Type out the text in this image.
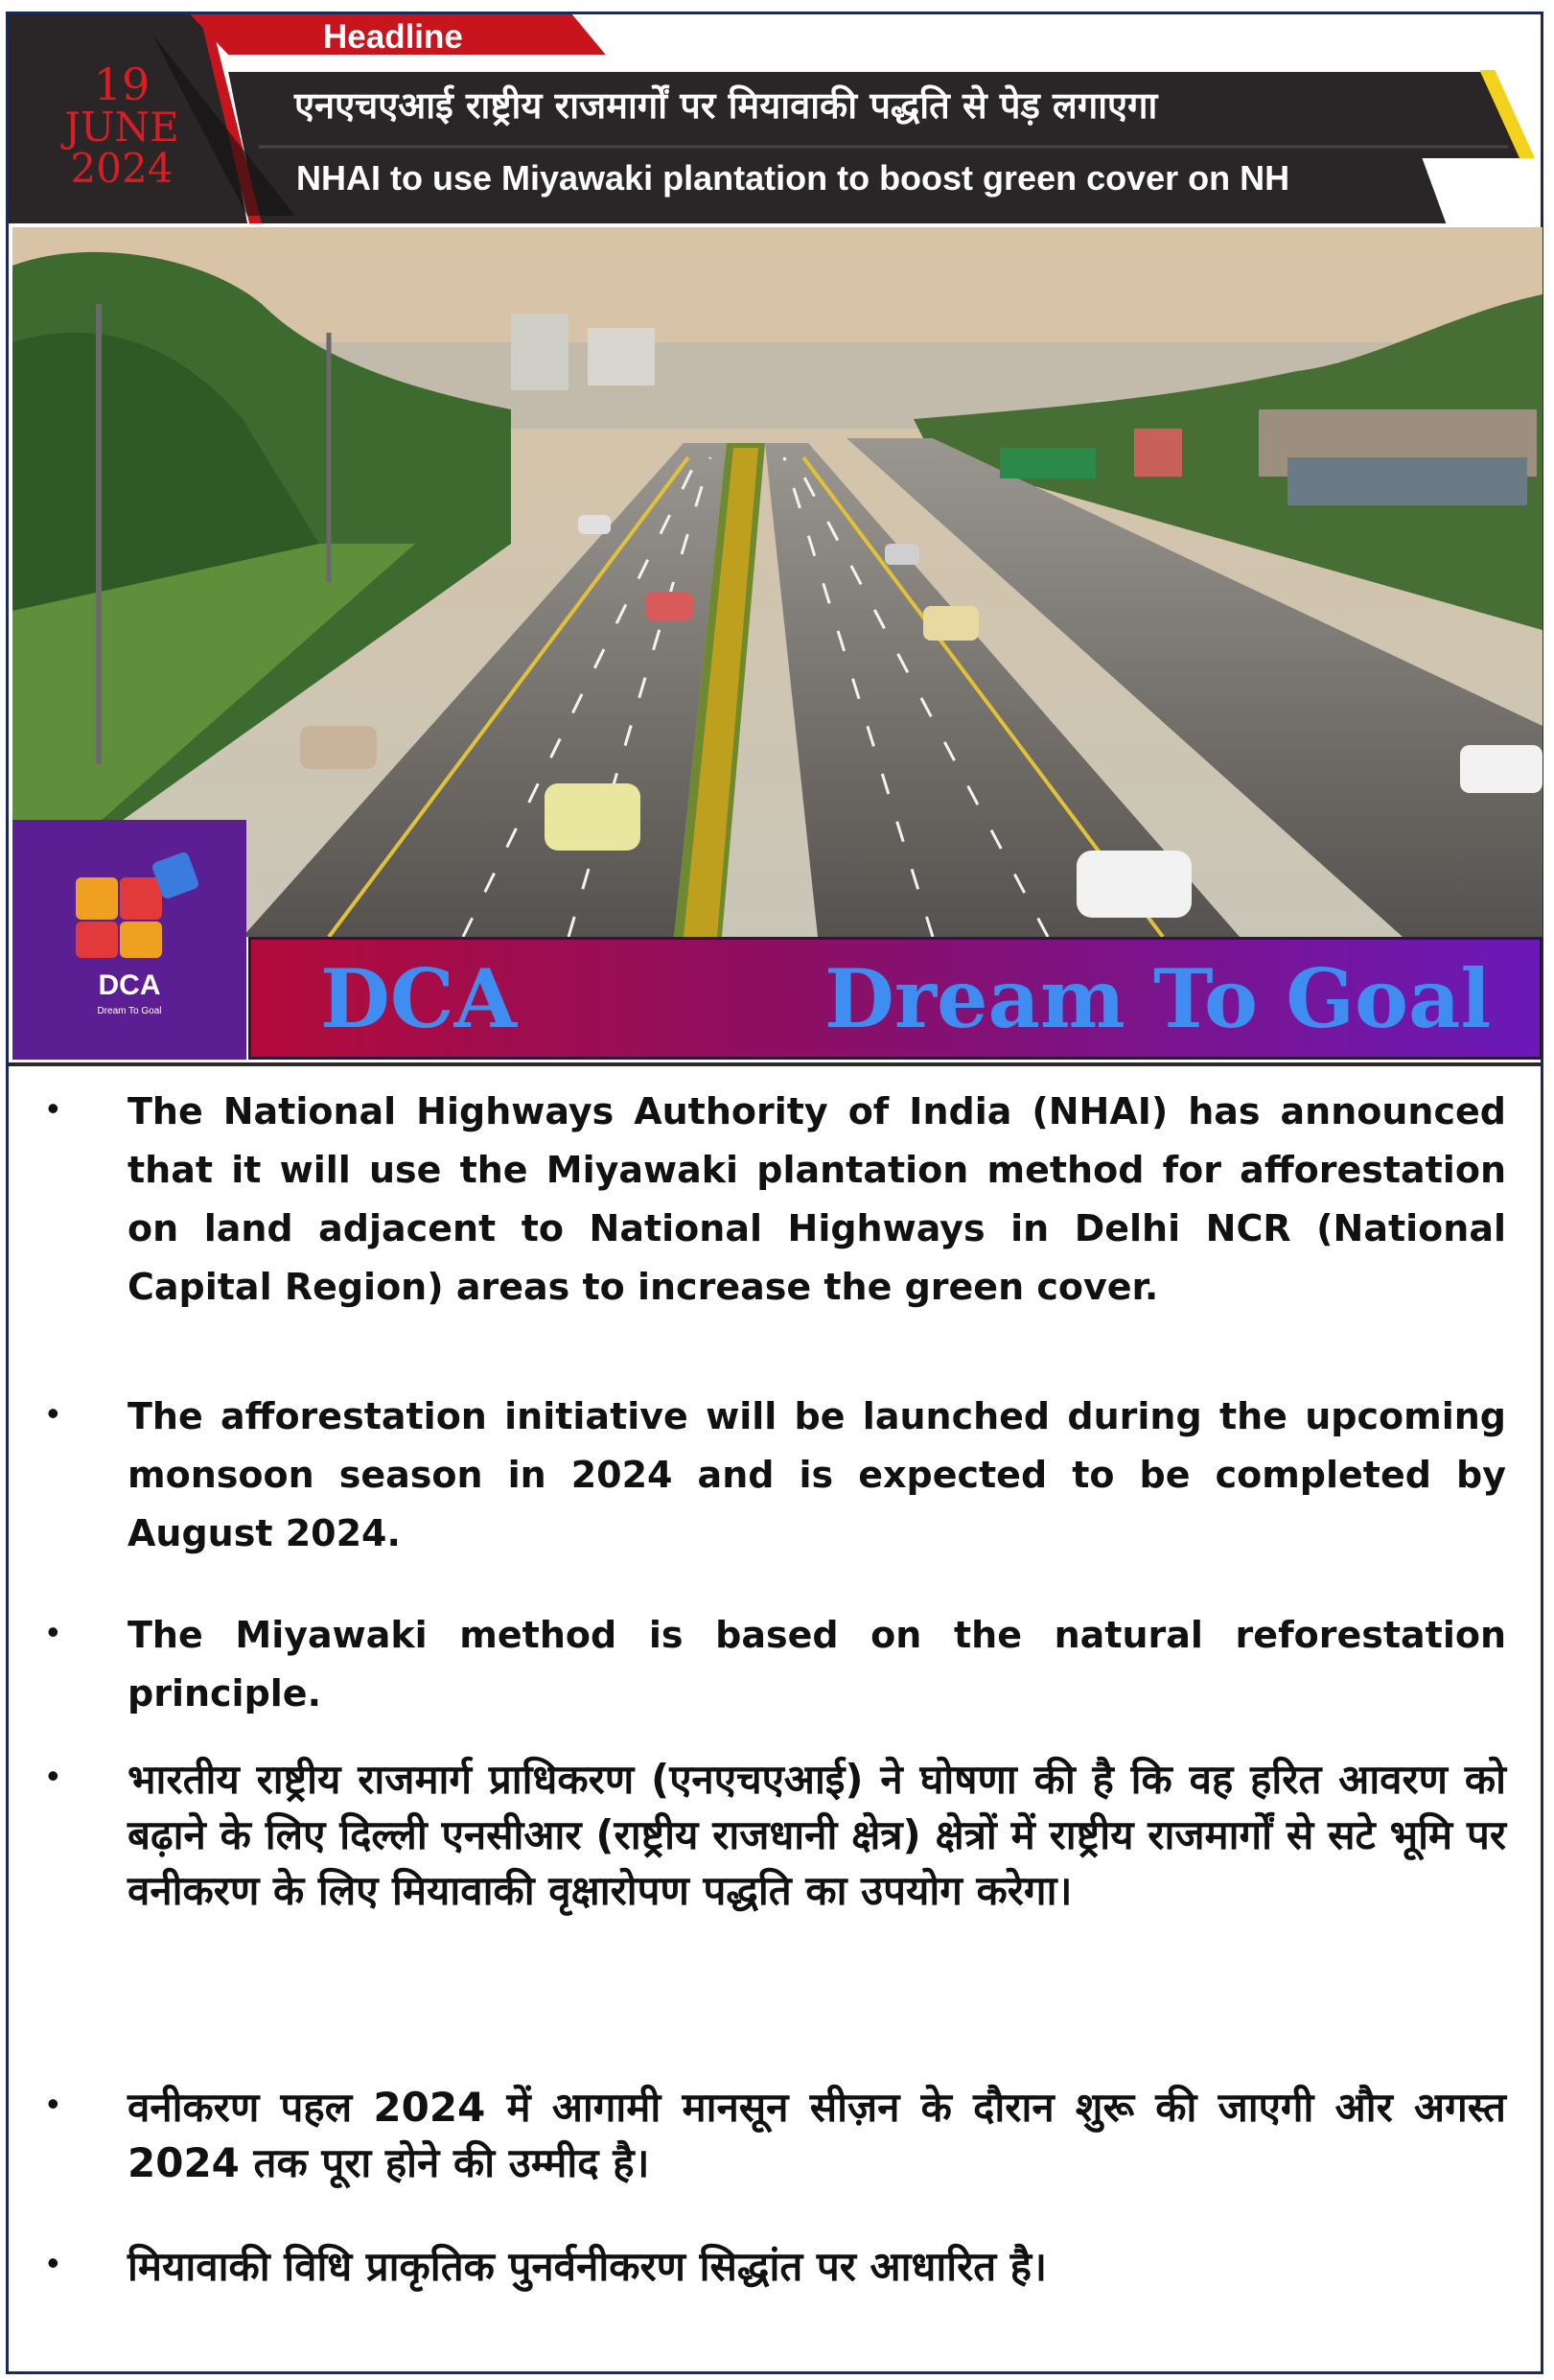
19
JUNE
2024
Headline
एनएचएआई राष्ट्रीय राजमार्गों पर मियावाकी पद्धति से पेड़ लगाएगा
NHAI to use Miyawaki plantation to boost green cover on NH
DCA
Dream To Goal	DCA	Dream To Goal
• The National Highways Authority of India (NHAI) has announced that it will use the Miyawaki plantation method for afforestation on land adjacent to National Highways in Delhi NCR (National Capital Region) areas to increase the green cover.
• The afforestation initiative will be launched during the upcoming monsoon season in 2024 and is expected to be completed by August 2024.
• The Miyawaki method is based on the natural reforestation principle.
• भारतीय राष्ट्रीय राजमार्ग प्राधिकरण (एनएचएआई) ने घोषणा की है कि वह हरित आवरण को बढ़ाने के लिए दिल्ली एनसीआर (राष्ट्रीय राजधानी क्षेत्र) क्षेत्रों में राष्ट्रीय राजमार्गों से सटे भूमि पर वनीकरण के लिए मियावाकी वृक्षारोपण पद्धति का उपयोग करेगा।
• वनीकरण पहल 2024 में आगामी मानसून सीज़न के दौरान शुरू की जाएगी और अगस्त 2024 तक पूरा होने की उम्मीद है।
• मियावाकी विधि प्राकृतिक पुनर्वनीकरण सिद्धांत पर आधारित है।
